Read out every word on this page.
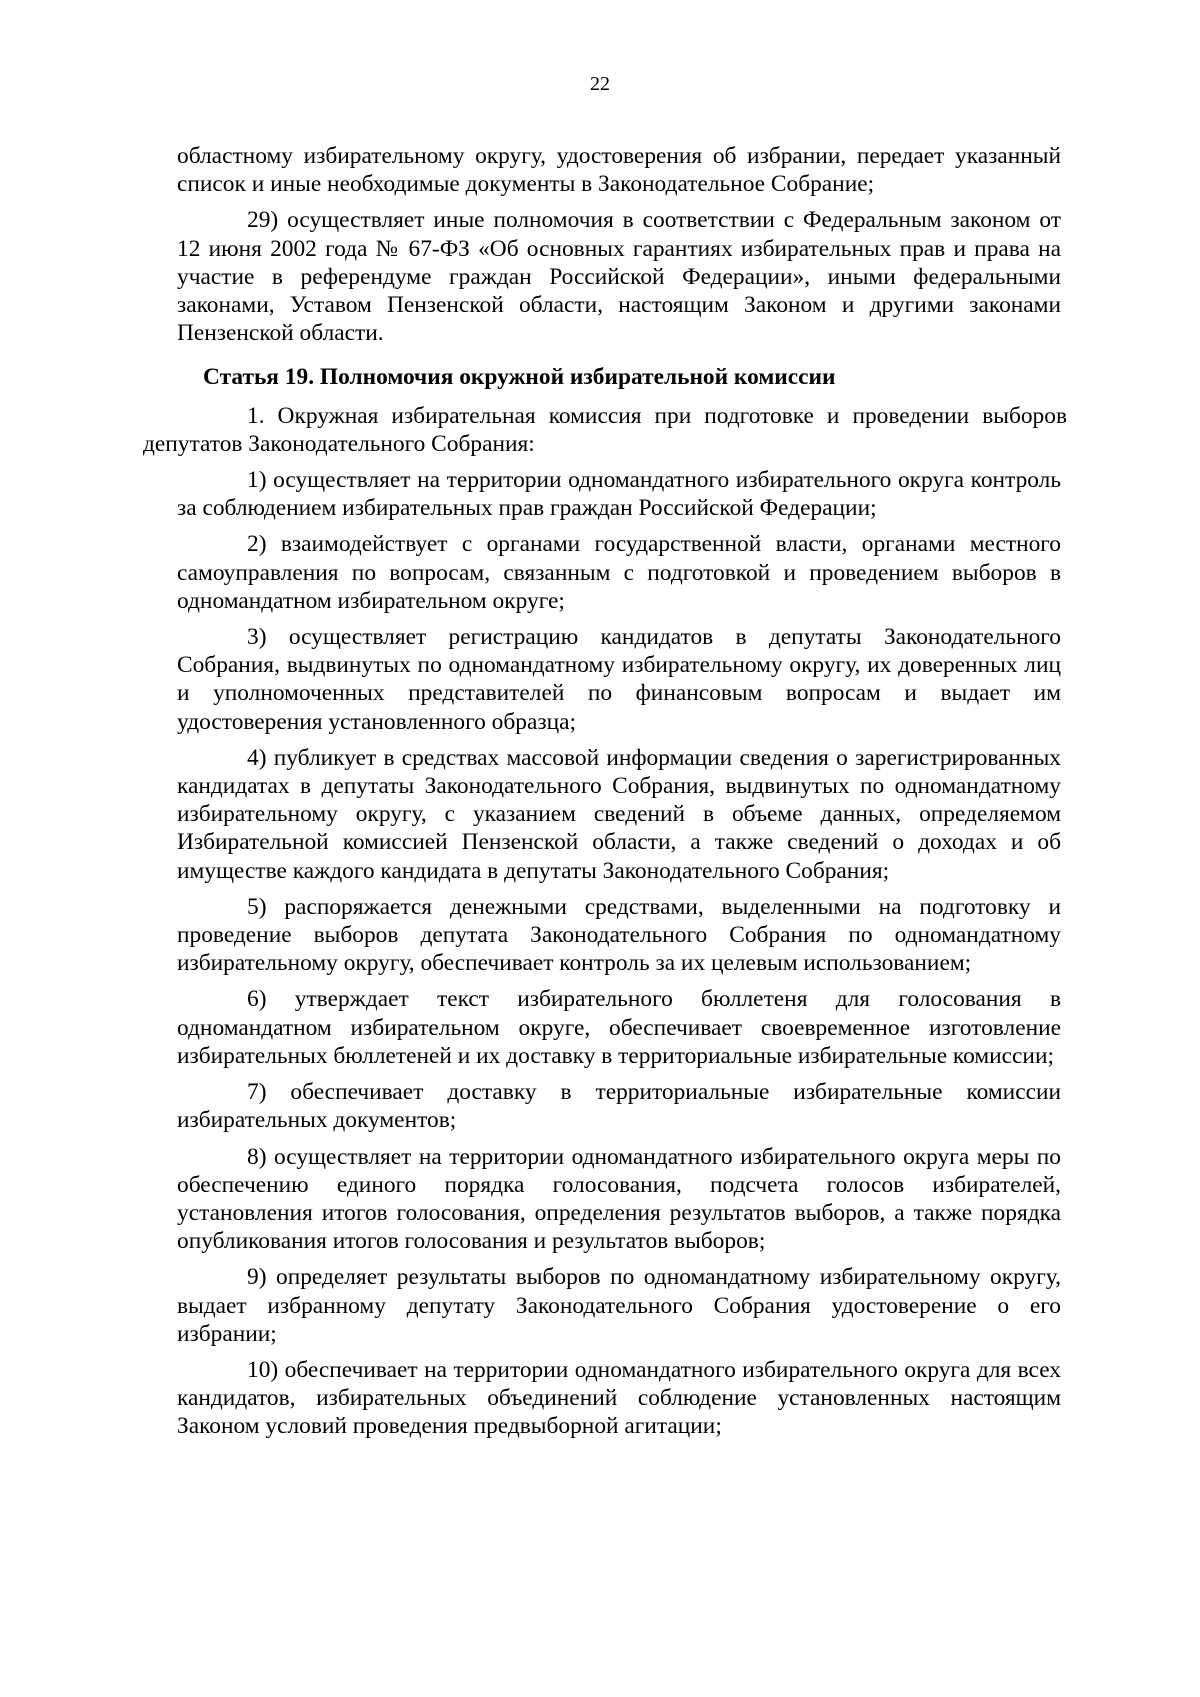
22

областному избирательному округу, удостоверения об избрании, передает указанный список и иные необходимые документы в Законодательное Собрание;

29) осуществляет иные полномочия в соответствии с Федеральным законом от 12 июня 2002 года № 67-ФЗ «Об основных гарантиях избирательных прав и права на участие в референдуме граждан Российской Федерации», иными федеральными законами, Уставом Пензенской области, настоящим Законом и другими законами Пензенской области.

Статья 19. Полномочия окружной избирательной комиссии

1. Окружная избирательная комиссия при подготовке и проведении выборов депутатов Законодательного Собрания:

1) осуществляет на территории одномандатного избирательного округа контроль за соблюдением избирательных прав граждан Российской Федерации;

2) взаимодействует с органами государственной власти, органами местного самоуправления по вопросам, связанным с подготовкой и проведением выборов в одномандатном избирательном округе;

3) осуществляет регистрацию кандидатов в депутаты Законодательного Собрания, выдвинутых по одномандатному избирательному округу, их доверенных лиц и уполномоченных представителей по финансовым вопросам и выдает им удостоверения установленного образца;

4) публикует в средствах массовой информации сведения о зарегистрированных кандидатах в депутаты Законодательного Собрания, выдвинутых по одномандатному избирательному округу, с указанием сведений в объеме данных, определяемом Избирательной комиссией Пензенской области, а также сведений о доходах и об имуществе каждого кандидата в депутаты Законодательного Собрания;

5) распоряжается денежными средствами, выделенными на подготовку и проведение выборов депутата Законодательного Собрания по одномандатному избирательному округу, обеспечивает контроль за их целевым использованием;

6) утверждает текст избирательного бюллетеня для голосования в одномандатном избирательном округе, обеспечивает своевременное изготовление избирательных бюллетеней и их доставку в территориальные избирательные комиссии;

7) обеспечивает доставку в территориальные избирательные комиссии избирательных документов;

8) осуществляет на территории одномандатного избирательного округа меры по обеспечению единого порядка голосования, подсчета голосов избирателей, установления итогов голосования, определения результатов выборов, а также порядка опубликования итогов голосования и результатов выборов;

9) определяет результаты выборов по одномандатному избирательному округу, выдает избранному депутату Законодательного Собрания удостоверение о его избрании;

10) обеспечивает на территории одномандатного избирательного округа для всех кандидатов, избирательных объединений соблюдение установленных настоящим Законом условий проведения предвыборной агитации;
